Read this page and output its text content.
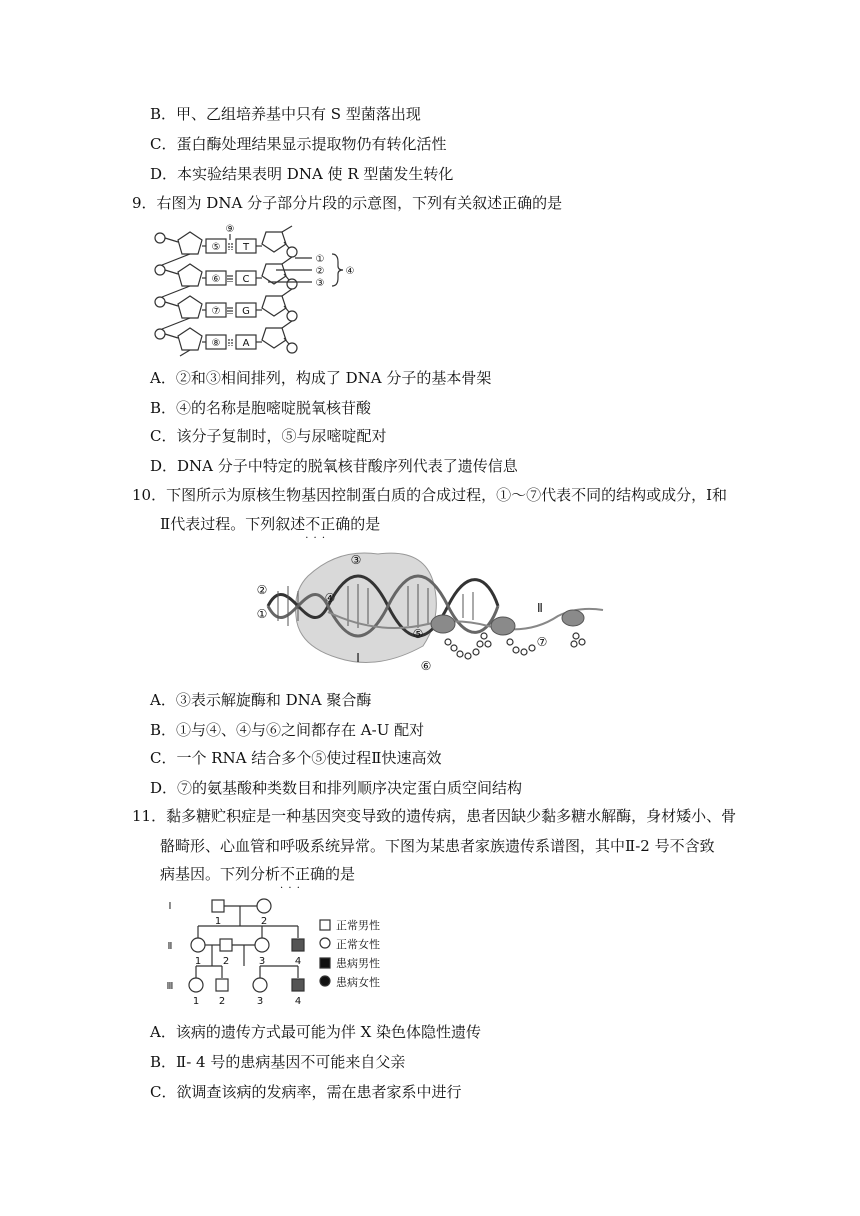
B．甲、乙组培养基中只有 S 型菌落出现
C．蛋白酶处理结果显示提取物仍有转化活性
D．本实验结果表明 DNA 使 R 型菌发生转化
9．右图为 DNA 分子部分片段的示意图，下列有关叙述正确的是
⑤
⑥
⑦
⑧
T
C
G
A
⑨
①
②
③
④
A．②和③相间排列，构成了 DNA 分子的基本骨架
B．④的名称是胞嘧啶脱氧核苷酸
C．该分子复制时，⑤与尿嘧啶配对
D．DNA 分子中特定的脱氧核苷酸序列代表了遗传信息
10．下图所示为原核生物基因控制蛋白质的合成过程，①～⑦代表不同的结构或成分，Ⅰ和
Ⅱ代表过程。下列叙述不正确 · · ·的是
③
②
①
④
⑤
⑥
⑦
Ⅰ
Ⅱ
A．③表示解旋酶和 DNA 聚合酶
B．①与④、④与⑥之间都存在 A-U 配对
C．一个 RNA 结合多个⑤使过程Ⅱ快速高效
D．⑦的氨基酸种类数目和排列顺序决定蛋白质空间结构
11．黏多糖贮积症是一种基因突变导致的遗传病，患者因缺少黏多糖水解酶，身材矮小、骨
骼畸形、心血管和呼吸系统异常。下图为某患者家族遗传系谱图，其中Ⅱ-2 号不含致
病基因。下列分析不正确 · · ·的是
Ⅰ
Ⅱ
Ⅲ
1	2
1 2	3	4
1 2	3	4
正常男性
正常女性
患病男性
患病女性
A．该病的遗传方式最可能为伴 X 染色体隐性遗传
B．Ⅱ- 4 号的患病基因不可能来自父亲
C．欲调查该病的发病率，需在患者家系中进行
